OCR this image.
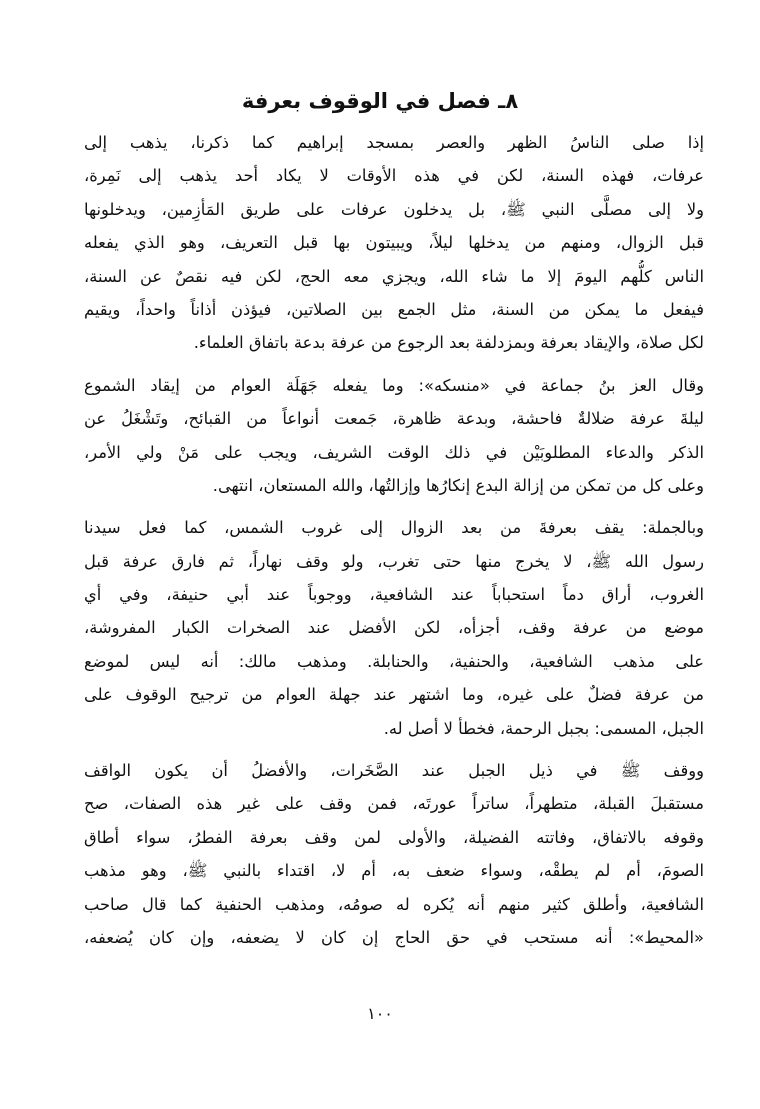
٨ـ فصل في الوقوف بعرفة
إذا صلى الناسُ الظهر والعصر بمسجد إبراهيم كما ذكرنا، يذهب إلى
عرفات، فهذه السنة، لكن في هذه الأوقات لا يكاد أحد يذهب إلى نَمِرة،
ولا إلى مصلَّى النبي ﷺ، بل يدخلون عرفات على طريق المَأزِمين، ويدخلونها
قبل الزوال، ومنهم من يدخلها ليلاً، ويبيتون بها قبل التعريف، وهو الذي يفعله
الناس كلُّهم اليومَ إلا ما شاء الله، ويجزي معه الحج، لكن فيه نقصٌ عن السنة،
فيفعل ما يمكن من السنة، مثل الجمع بين الصلاتين، فيؤذن أذاناً واحداً، ويقيم
لكل صلاة، والإيقاد بعرفة وبمزدلفة بعد الرجوع من عرفة بدعة باتفاق العلماء.
وقال العز بنُ جماعة في «منسكه»: وما يفعله جَهَلَة العوام من إيقاد الشموع
ليلةَ عرفة ضلالةٌ فاحشة، وبدعة ظاهرة، جَمعت أنواعاً من القبائح، وتَشْغَلُ عن
الذكر والدعاء المطلوبَيْن في ذلك الوقت الشريف، ويجب على مَنْ ولي الأمر،
وعلى كل من تمكن من إزالة البدع إنكارُها وإزالتُها، والله المستعان، انتهى.
وبالجملة: يقف بعرفةَ من بعد الزوال إلى غروب الشمس، كما فعل سيدنا
رسول الله ﷺ، لا يخرج منها حتى تغرب، ولو وقف نهاراً، ثم فارق عرفة قبل
الغروب، أراق دماً استحباباً عند الشافعية، ووجوباً عند أبي حنيفة، وفي أي
موضع من عرفة وقف، أجزأه، لكن الأفضل عند الصخرات الكبار المفروشة،
على مذهب الشافعية، والحنفية، والحنابلة. ومذهب مالك: أنه ليس لموضع
من عرفة فضلٌ على غيره، وما اشتهر عند جهلة العوام من ترجيح الوقوف على
الجبل، المسمى: بجبل الرحمة، فخطأ لا أصل له.
ووقف ﷺ في ذيل الجبل عند الصَّخَرات، والأفضلُ أن يكون الواقف
مستقبلَ القبلة، متطهراً، ساتراً عورتَه، فمن وقف على غير هذه الصفات، صح
وقوفه بالاتفاق، وفاتته الفضيلة، والأولى لمن وقف بعرفة الفطرُ، سواء أطاق
الصومَ، أم لم يطقْه، وسواء ضعف به، أم لا، اقتداء بالنبي ﷺ، وهو مذهب
الشافعية، وأطلق كثير منهم أنه يُكره له صومُه، ومذهب الحنفية كما قال صاحب
«المحيط»: أنه مستحب في حق الحاج إن كان لا يضعفه، وإن كان يُضعفه،

١٠٠
